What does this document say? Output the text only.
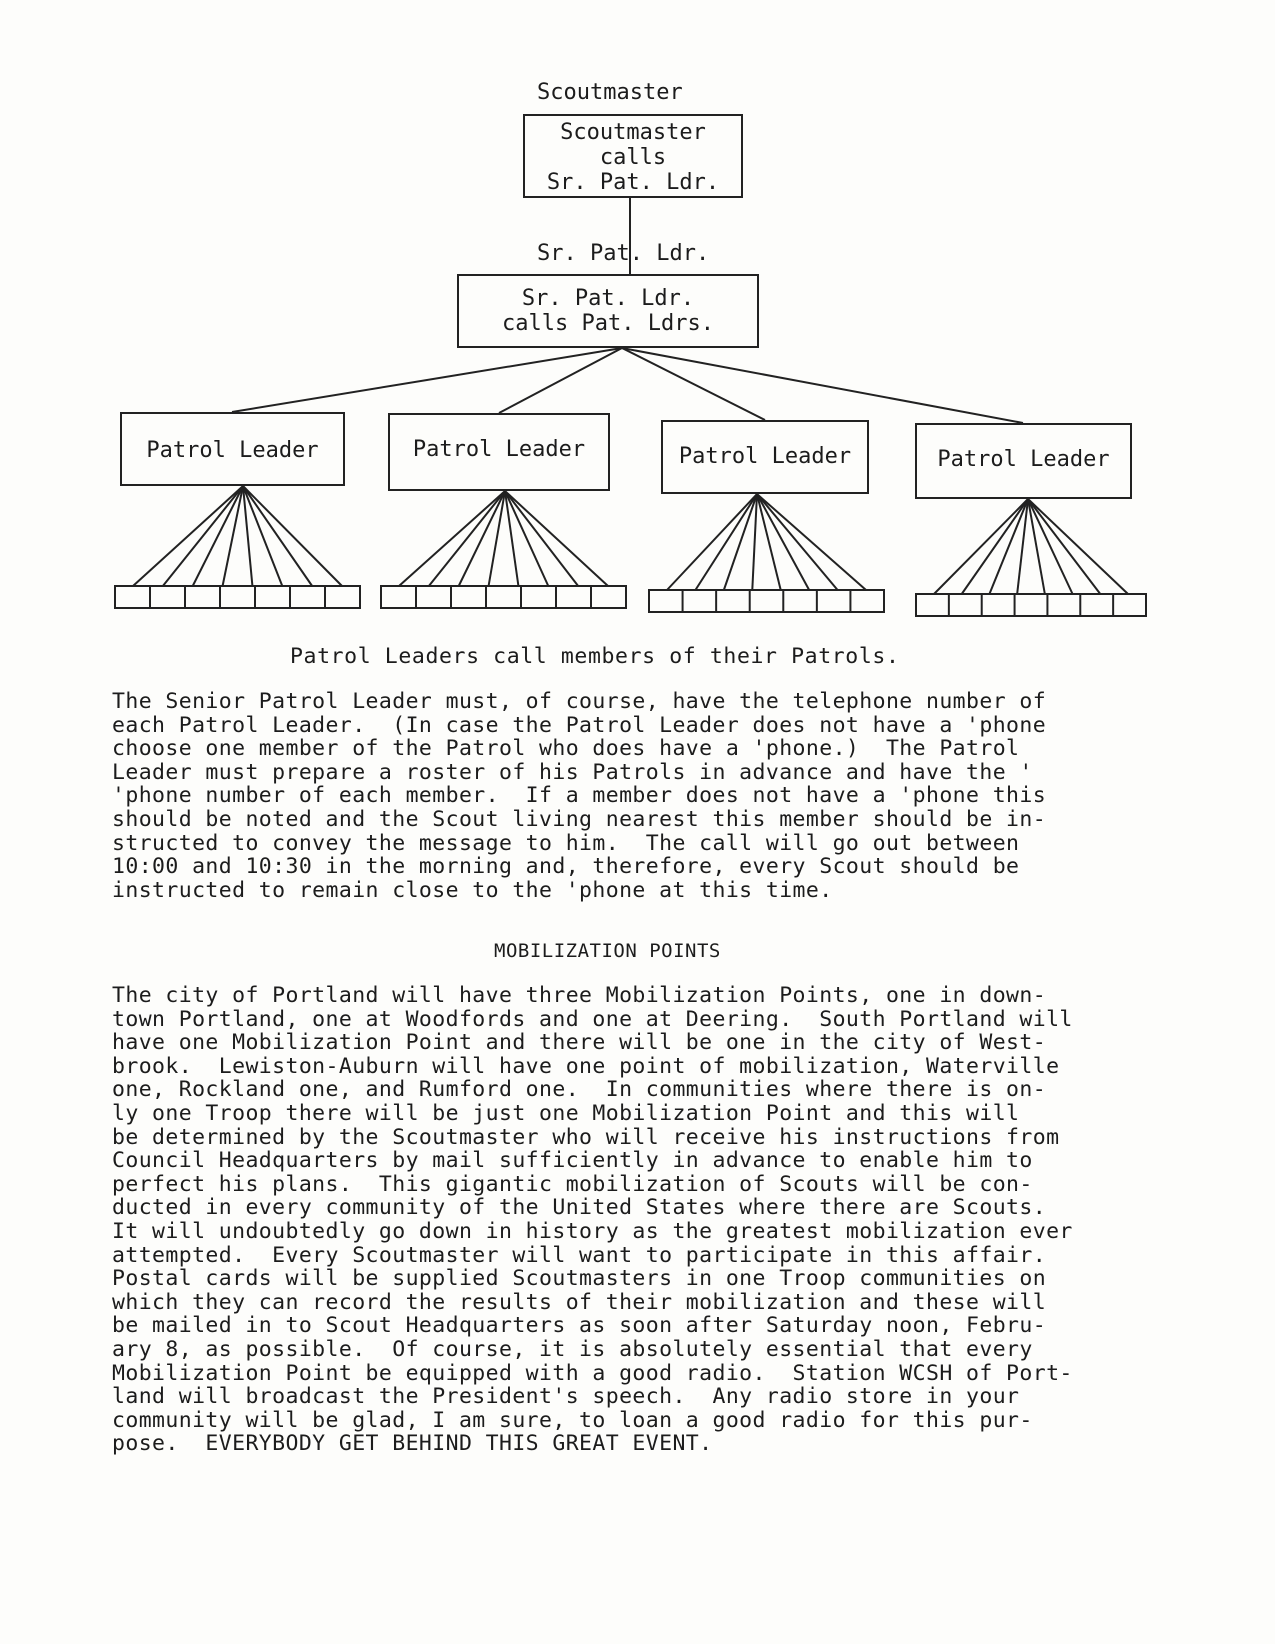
Scoutmaster
Scoutmaster
calls
Sr. Pat. Ldr.
Sr. Pat. Ldr.
Sr. Pat. Ldr.
calls Pat. Ldrs.
Patrol Leader	Patrol Leader	Patrol Leader	Patrol Leader
Patrol Leaders call members of their Patrols.
The Senior Patrol Leader must, of course, have the telephone number of
each Patrol Leader.  (In case the Patrol Leader does not have a 'phone
choose one member of the Patrol who does have a 'phone.)  The Patrol
Leader must prepare a roster of his Patrols in advance and have the '
'phone number of each member.  If a member does not have a 'phone this
should be noted and the Scout living nearest this member should be in-
structed to convey the message to him.  The call will go out between
10:00 and 10:30 in the morning and, therefore, every Scout should be
instructed to remain close to the 'phone at this time.
MOBILIZATION POINTS
The city of Portland will have three Mobilization Points, one in down-
town Portland, one at Woodfords and one at Deering.  South Portland will
have one Mobilization Point and there will be one in the city of West-
brook.  Lewiston-Auburn will have one point of mobilization, Waterville
one, Rockland one, and Rumford one.  In communities where there is on-
ly one Troop there will be just one Mobilization Point and this will
be determined by the Scoutmaster who will receive his instructions from
Council Headquarters by mail sufficiently in advance to enable him to
perfect his plans.  This gigantic mobilization of Scouts will be con-
ducted in every community of the United States where there are Scouts.
It will undoubtedly go down in history as the greatest mobilization ever
attempted.  Every Scoutmaster will want to participate in this affair.
Postal cards will be supplied Scoutmasters in one Troop communities on
which they can record the results of their mobilization and these will
be mailed in to Scout Headquarters as soon after Saturday noon, Febru-
ary 8, as possible.  Of course, it is absolutely essential that every
Mobilization Point be equipped with a good radio.  Station WCSH of Port-
land will broadcast the President's speech.  Any radio store in your
community will be glad, I am sure, to loan a good radio for this pur-
pose.  EVERYBODY GET BEHIND THIS GREAT EVENT.
